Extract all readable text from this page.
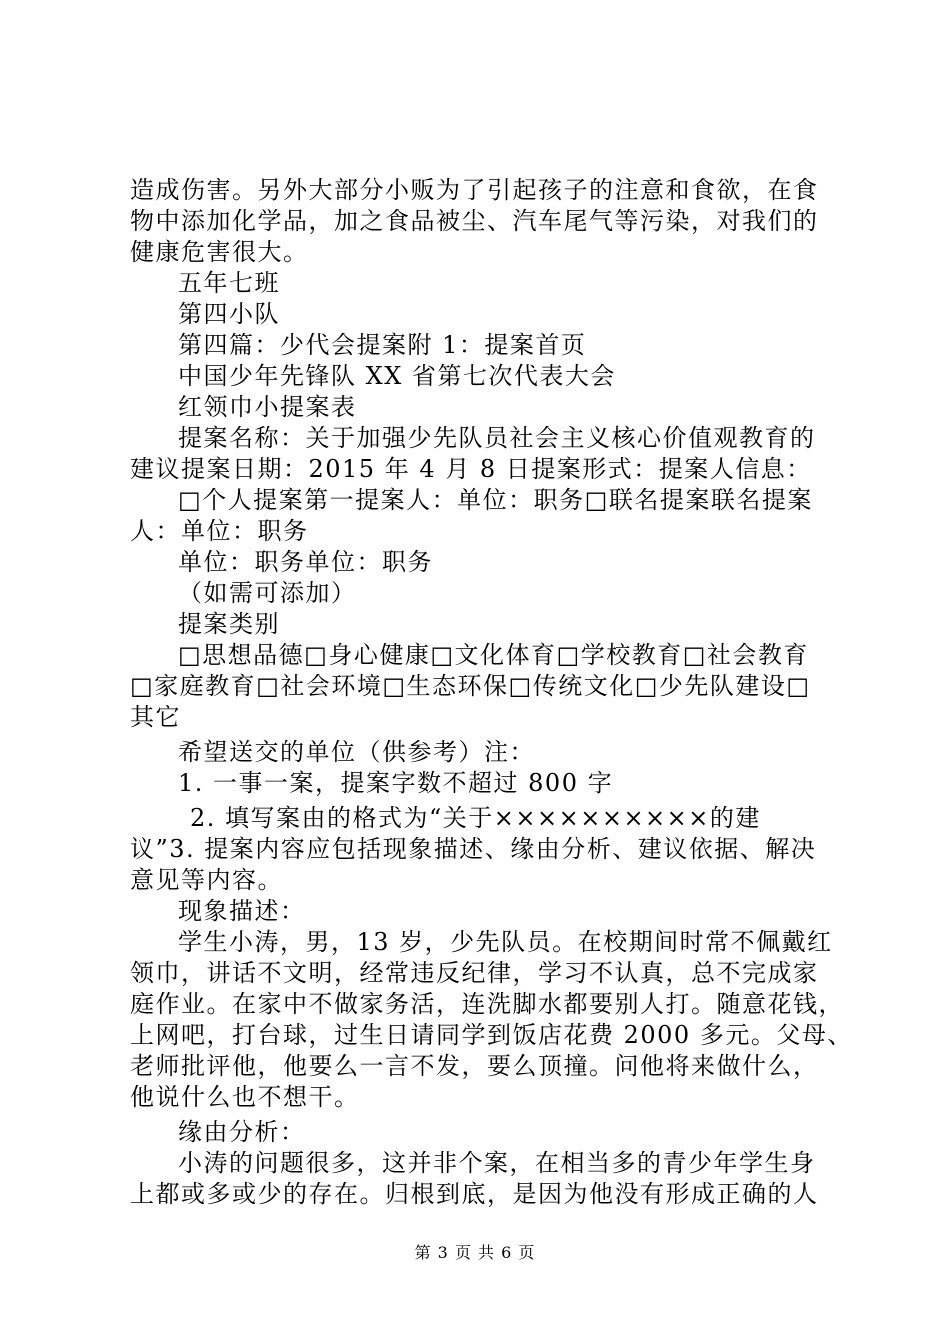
造成伤害。另外大部分小贩为了引起孩子的注意和食欲，在食
物中添加化学品，加之食品被尘、汽车尾气等污染，对我们的
健康危害很大。
五年七班
第四小队
第四篇：少代会提案附 1：提案首页
中国少年先锋队 XX 省第七次代表大会
红领巾小提案表
提案名称：关于加强少先队员社会主义核心价值观教育的
建议提案日期：2015 年 4 月 8 日提案形式：提案人信息：
□个人提案第一提案人：单位：职务□联名提案联名提案
人：单位：职务
单位：职务单位：职务
（如需可添加）
提案类别
□思想品德□身心健康□文化体育□学校教育□社会教育
□家庭教育□社会环境□生态环保□传统文化□少先队建设□
其它
希望送交的单位（供参考）注：
1. 一事一案，提案字数不超过 800 字
2. 填写案由的格式为“关于××××××××××的建
议”3. 提案内容应包括现象描述、缘由分析、建议依据、解决
意见等内容。
现象描述：
学生小涛，男，13 岁，少先队员。在校期间时常不佩戴红
领巾，讲话不文明，经常违反纪律，学习不认真，总不完成家
庭作业。在家中不做家务活，连洗脚水都要别人打。随意花钱，
上网吧，打台球，过生日请同学到饭店花费 2000 多元。父母、
老师批评他，他要么一言不发，要么顶撞。问他将来做什么，
他说什么也不想干。
缘由分析：
小涛的问题很多，这并非个案，在相当多的青少年学生身
上都或多或少的存在。归根到底，是因为他没有形成正确的人
第 3 页 共 6 页
